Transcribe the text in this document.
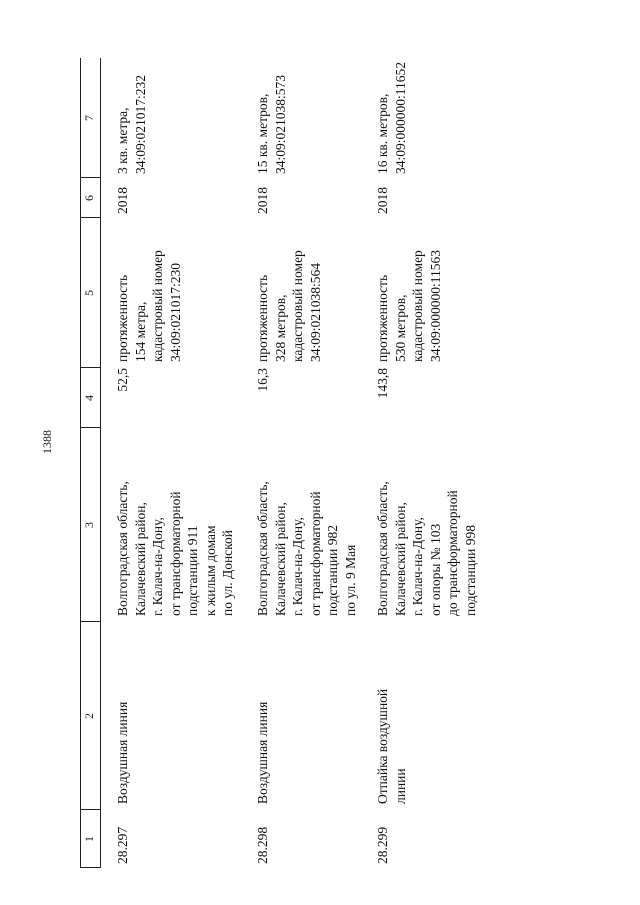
1388
1
2
3
4
5
6
7
28.297
Воздушная линия
Волгоградская область,
Калачевский район,
г. Калач-на-Дону,
от трансформаторной
подстанции 911
к жилым домам
по ул. Донской
52,5
протяженность
154 метра,
кадастровый номер
34:09:021017:230
2018
3 кв. метра,
34:09:021017:232
28.298
Воздушная линия
Волгоградская область,
Калачевский район,
г. Калач-на-Дону,
от трансформаторной
подстанции 982
по ул. 9 Мая
16,3
протяженность
328 метров,
кадастровый номер
34:09:021038:564
2018
15 кв. метров,
34:09:021038:573
28.299
Отпайка воздушной
линии
Волгоградская область,
Калачевский район,
г. Калач-на-Дону,
от опоры № 103
до трансформаторной
подстанции 998
143,8
протяженность
530 метров,
кадастровый номер
34:09:000000:11563
2018
16 кв. метров,
34:09:000000:11652
